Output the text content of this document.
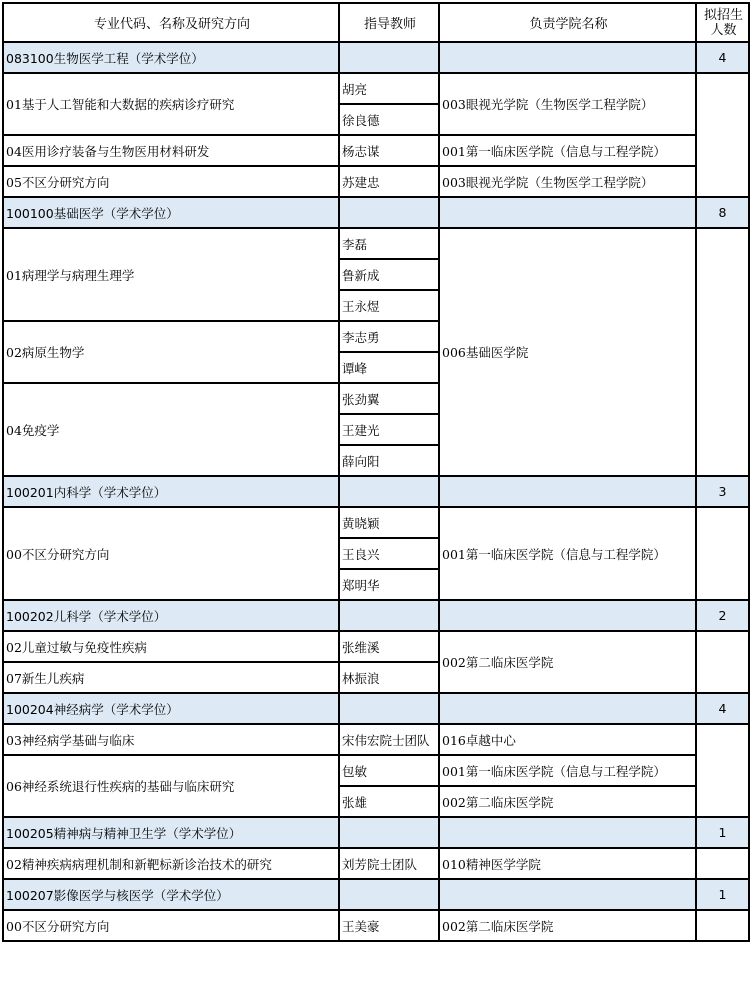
专业代码、名称及研究方向	指导教师	负责学院名称	拟招生人数
083100生物医学工程（学术学位）			4
01基于人工智能和大数据的疾病诊疗研究	胡亮	003眼视光学院（生物医学工程学院）	
	徐良德		
04医用诊疗装备与生物医用材料研发	杨志谋	001第一临床医学院（信息与工程学院）	
05不区分研究方向	苏建忠	003眼视光学院（生物医学工程学院）	
100100基础医学（学术学位）			8
01病理学与病理生理学	李磊	006基础医学院	
	鲁新成		
	王永煜		
02病原生物学	李志勇		
	谭峰		
04免疫学	张劲翼		
	王建光		
	薛向阳		
100201内科学（学术学位）			3
00不区分研究方向	黄晓颖	001第一临床医学院（信息与工程学院）	
	王良兴		
	郑明华		
100202儿科学（学术学位）			2
02儿童过敏与免疫性疾病	张维溪	002第二临床医学院	
07新生儿疾病	林振浪		
100204神经病学（学术学位）			4
03神经病学基础与临床	宋伟宏院士团队	016卓越中心	
06神经系统退行性疾病的基础与临床研究	包敏	001第一临床医学院（信息与工程学院）	
	张雄	002第二临床医学院	
100205精神病与精神卫生学（学术学位）			1
02精神疾病病理机制和新靶标新诊治技术的研究	刘芳院士团队	010精神医学学院	
100207影像医学与核医学（学术学位）			1
00不区分研究方向	王美豪	002第二临床医学院	
